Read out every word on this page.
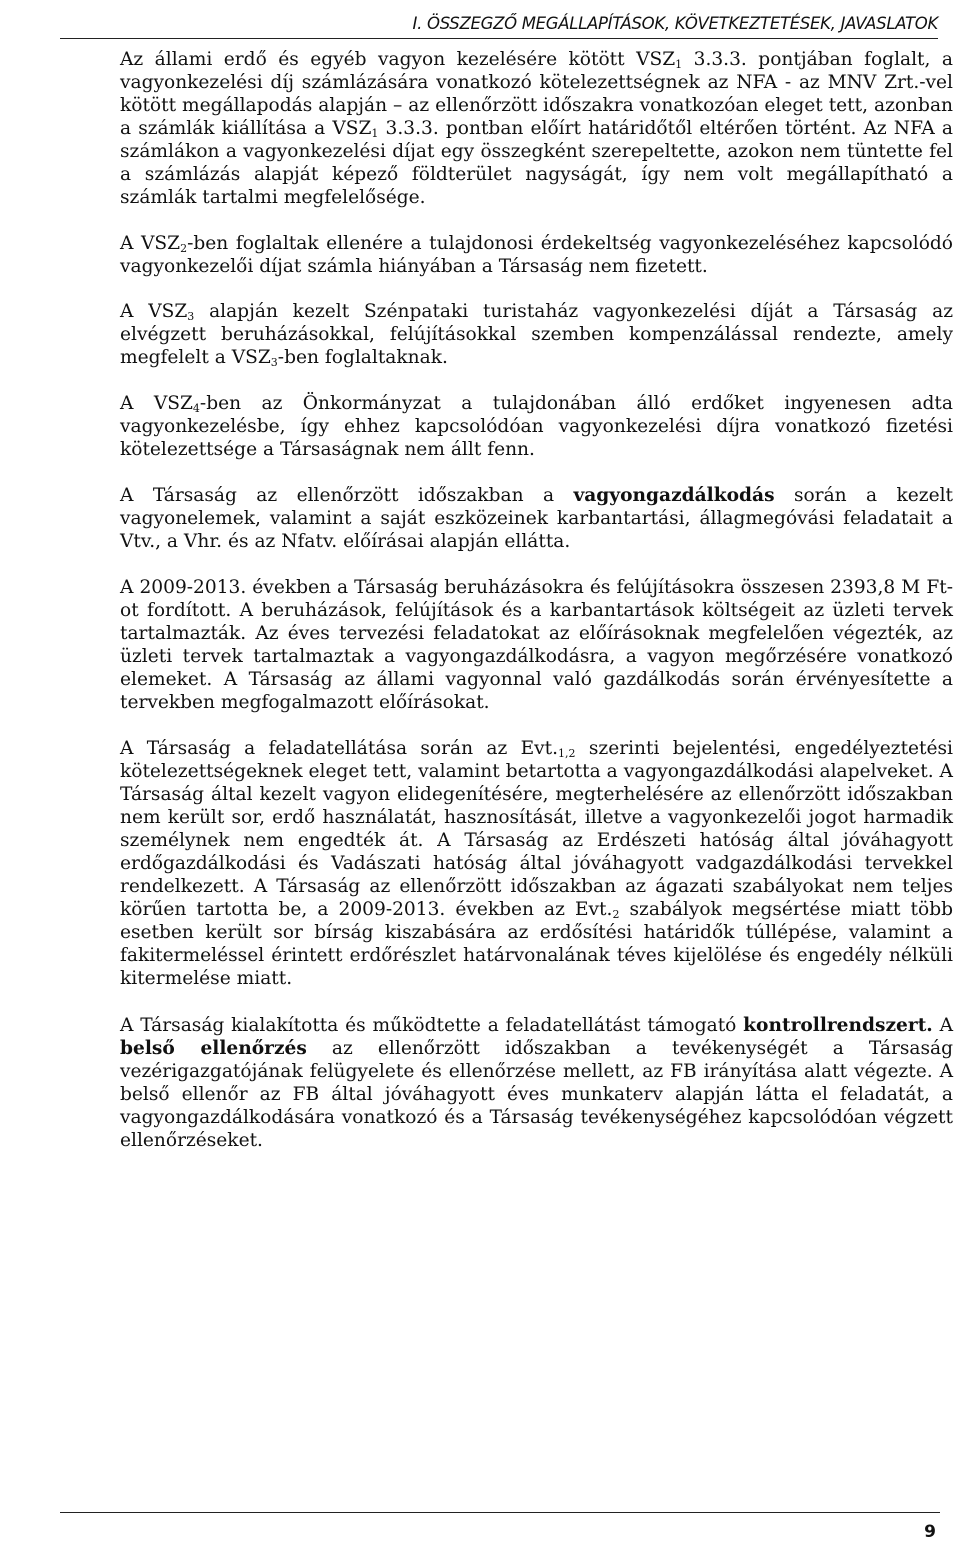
I. ÖSSZEGZŐ MEGÁLLAPÍTÁSOK, KÖVETKEZTETÉSEK, JAVASLATOK

Az állami erdő és egyéb vagyon kezelésére kötött $VSZ_1$ 3.3.3. pontjában foglalt, a vagyonkezelési díj számlázására vonatkozó kötelezettségnek az NFA - az MNV Zrt.-vel kötött megállapodás alapján – az ellenőrzött időszakra vonatkozóan eleget tett, azonban a számlák kiállítása a $VSZ_1$ 3.3.3. pontban előírt határidőtől eltérően történt. Az NFA a számlákon a vagyonkezelési díjat egy összegként szerepeltette, azokon nem tüntette fel a számlázás alapját képező földterület nagyságát, így nem volt megállapítható a számlák tartalmi megfelelősége.

A $VSZ_2$-ben foglaltak ellenére a tulajdonosi érdekeltség vagyonkezeléséhez kapcsolódó vagyonkezelői díjat számla hiányában a Társaság nem fizetett.

A $VSZ_3$ alapján kezelt Szénpataki turistaház vagyonkezelési díját a Társaság az elvégzett beruházásokkal, felújításokkal szemben kompenzálással rendezte, amely megfelelt a $VSZ_3$-ben foglaltaknak.

A $VSZ_4$-ben az Önkormányzat a tulajdonában álló erdőket ingyenesen adta vagyonkezelésbe, így ehhez kapcsolódóan vagyonkezelési díjra vonatkozó fizetési kötelezettsége a Társaságnak nem állt fenn.

A Társaság az ellenőrzött időszakban a vagyongazdálkodás során a kezelt vagyonelemek, valamint a saját eszközeinek karbantartási, állagmegóvási feladatait a Vtv., a Vhr. és az Nfatv. előírásai alapján ellátta.

A 2009-2013. években a Társaság beruházásokra és felújításokra összesen 2393,8 M Ft-ot fordított. A beruházások, felújítások és a karbantartások költségeit az üzleti tervek tartalmazták. Az éves tervezési feladatokat az előírásoknak megfelelően végezték, az üzleti tervek tartalmaztak a vagyongazdálkodásra, a vagyon megőrzésére vonatkozó elemeket. A Társaság az állami vagyonnal való gazdálkodás során érvényesítette a tervekben megfogalmazott előírásokat.

A Társaság a feladatellátása során az $Evt._{1,2}$ szerinti bejelentési, engedélyeztetési kötelezettségeknek eleget tett, valamint betartotta a vagyongazdálkodási alapelveket. A Társaság által kezelt vagyon elidegenítésére, megterhelésére az ellenőrzött időszakban nem került sor, erdő használatát, hasznosítását, illetve a vagyonkezelői jogot harmadik személynek nem engedték át. A Társaság az Erdészeti hatóság által jóváhagyott erdőgazdálkodási és Vadászati hatóság által jóváhagyott vadgazdálkodási tervekkel rendelkezett. A Társaság az ellenőrzött időszakban az ágazati szabályokat nem teljes körűen tartotta be, a 2009-2013. években az $Evt._2$ szabályok megsértése miatt több esetben került sor bírság kiszabására az erdősítési határidők túllépése, valamint a fakitermeléssel érintett erdőrészlet határvonalának téves kijelölése és engedély nélküli kitermelése miatt.

A Társaság kialakította és működtette a feladatellátást támogató kontrollrendszert. A belső ellenőrzés az ellenőrzött időszakban a tevékenységét a Társaság vezérigazgatójának felügyelete és ellenőrzése mellett, az FB irányítása alatt végezte. A belső ellenőr az FB által jóváhagyott éves munkaterv alapján látta el feladatát, a vagyongazdálkodására vonatkozó és a Társaság tevékenységéhez kapcsolódóan végzett ellenőrzéseket.

9
